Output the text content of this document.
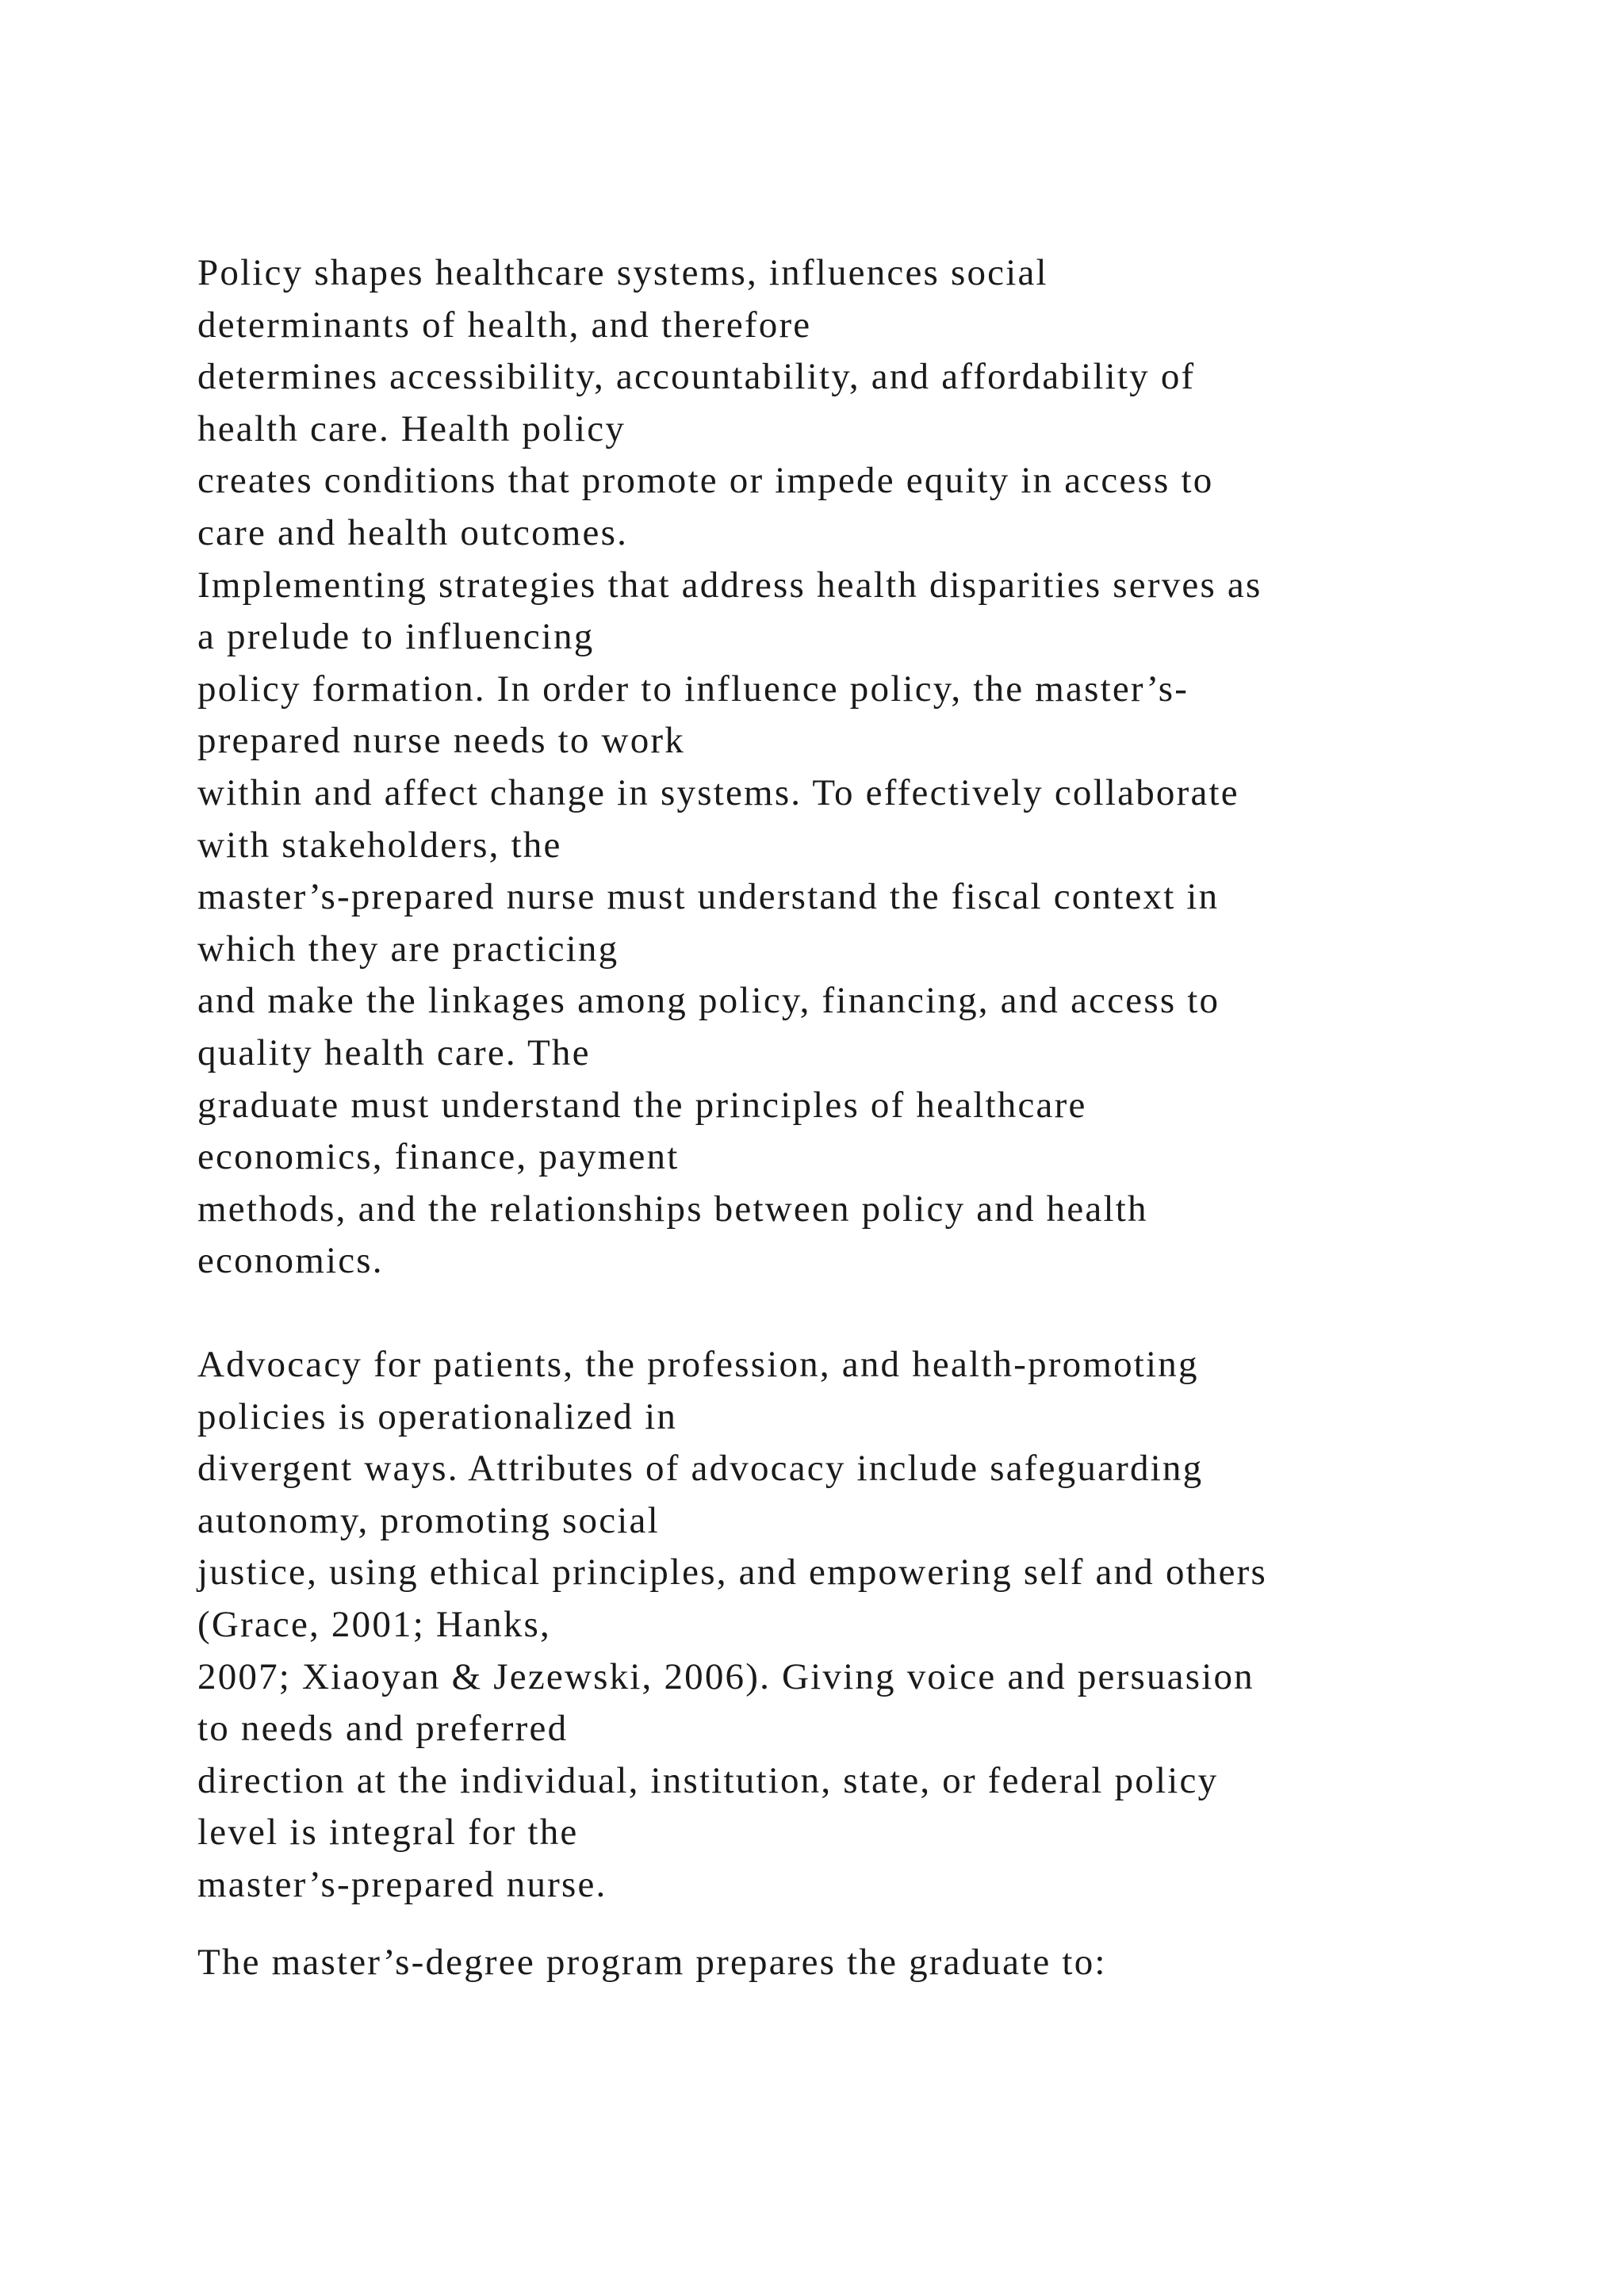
Policy shapes healthcare systems, influences social
determinants of health, and therefore
determines accessibility, accountability, and affordability of
health care. Health policy
creates conditions that promote or impede equity in access to
care and health outcomes.
Implementing strategies that address health disparities serves as
a prelude to influencing
policy formation. In order to influence policy, the master’s-
prepared nurse needs to work
within and affect change in systems. To effectively collaborate
with stakeholders, the
master’s-prepared nurse must understand the fiscal context in
which they are practicing
and make the linkages among policy, financing, and access to
quality health care. The
graduate must understand the principles of healthcare
economics, finance, payment
methods, and the relationships between policy and health
economics.
Advocacy for patients, the profession, and health-promoting
policies is operationalized in
divergent ways. Attributes of advocacy include safeguarding
autonomy, promoting social
justice, using ethical principles, and empowering self and others
(Grace, 2001; Hanks,
2007; Xiaoyan & Jezewski, 2006). Giving voice and persuasion
to needs and preferred
direction at the individual, institution, state, or federal policy
level is integral for the
master’s-prepared nurse.
The master’s-degree program prepares the graduate to:
